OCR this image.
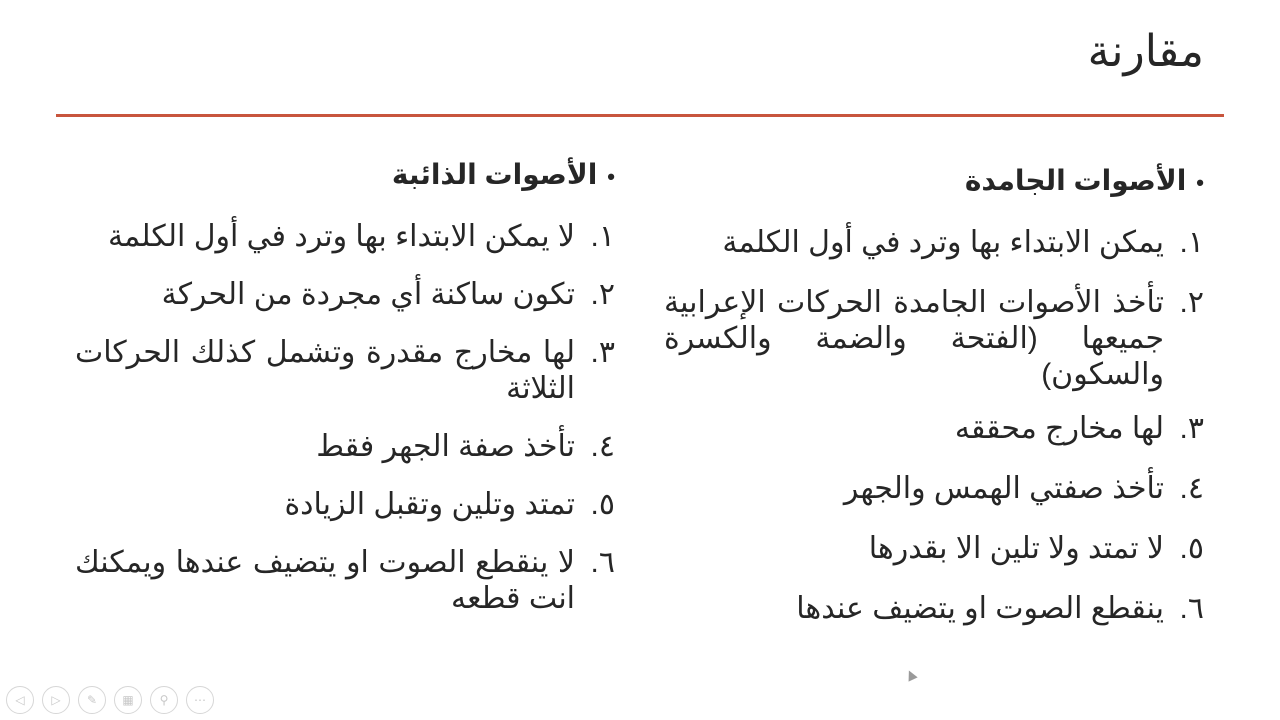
مقارنة
•
الأصوات الجامدة
١.
يمكن الابتداء بها وترد في أول الكلمة
٢.
تأخذ الأصوات الجامدة الحركات الإعرابية جميعها (الفتحة والضمة والكسرة والسكون)
٣.
لها مخارج محققه
٤.
تأخذ صفتي الهمس والجهر
٥.
لا تمتد ولا تلين الا بقدرها
٦.
ينقطع الصوت او يتضيف عندها
•
الأصوات الذائبة
١.
لا يمكن الابتداء بها وترد في أول الكلمة
٢.
تكون ساكنة أي مجردة من الحركة
٣.
لها مخارج مقدرة وتشمل كذلك الحركات الثلاثة
٤.
تأخذ صفة الجهر فقط
٥.
تمتد وتلين وتقبل الزيادة
٦.
لا ينقطع الصوت او يتضيف عندها ويمكنك انت قطعه
◁	▷	✎	▦	⚲	⋯
